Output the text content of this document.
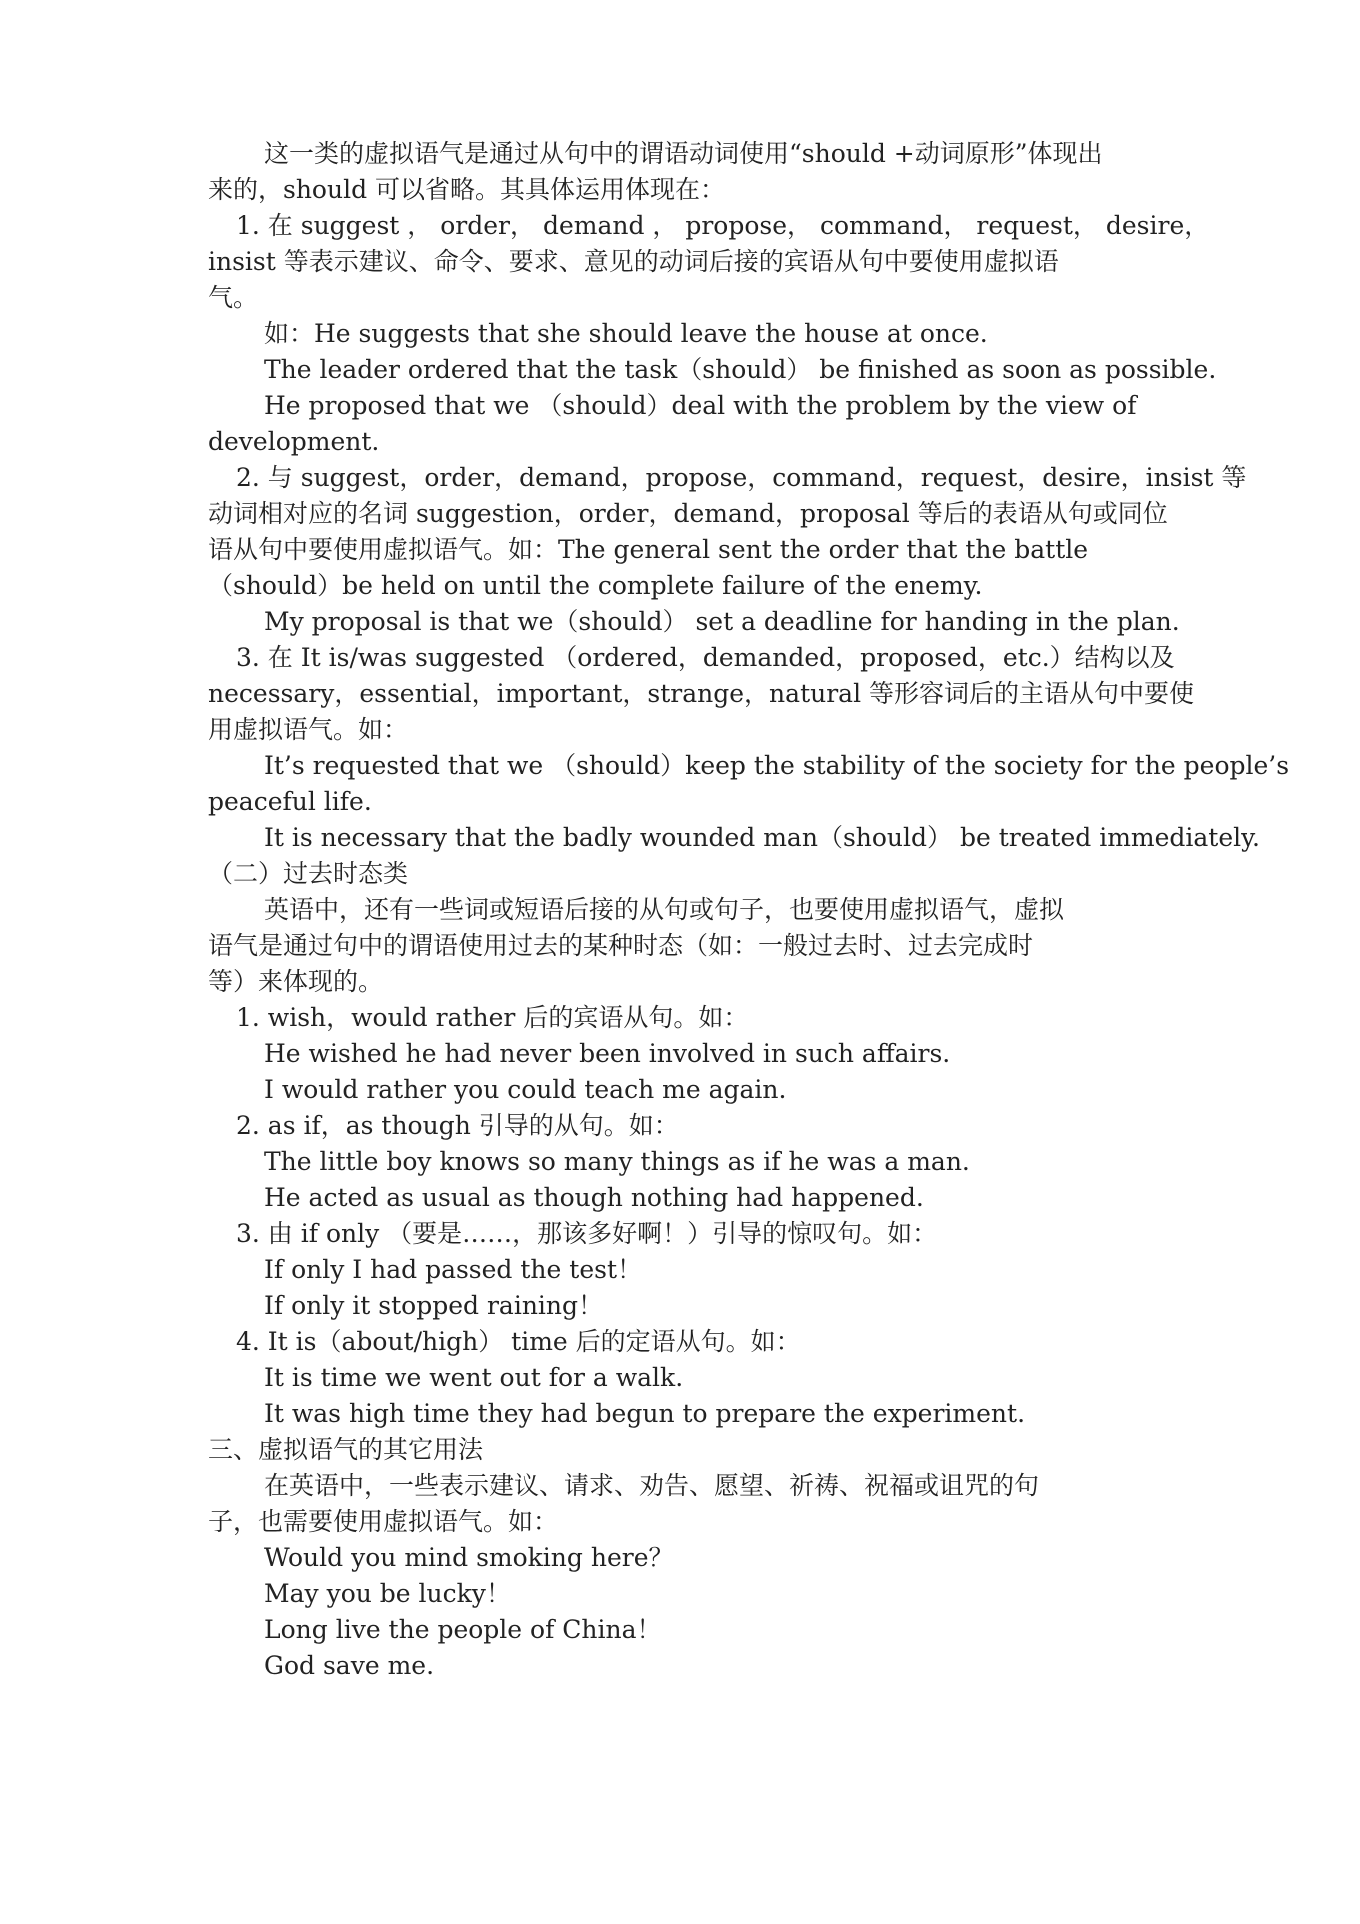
这一类的虚拟语气是通过从句中的谓语动词使用“should +动词原形”体现出
来的，should 可以省略。其具体运用体现在：
1. 在 suggest ， order， demand ， propose， command， request， desire，
insist 等表示建议、命令、要求、意见的动词后接的宾语从句中要使用虚拟语
气。
如：He suggests that she should leave the house at once.
The leader ordered that the task（should） be finished as soon as possible.
He proposed that we （should）deal with the problem by the view of
development.
2. 与 suggest，order，demand，propose，command，request，desire，insist 等
动词相对应的名词 suggestion，order，demand，proposal 等后的表语从句或同位
语从句中要使用虚拟语气。如：The general sent the order that the battle
（should）be held on until the complete failure of the enemy.
My proposal is that we（should） set a deadline for handing in the plan.
3. 在 It is/was suggested （ordered，demanded，proposed，etc.）结构以及
necessary，essential，important，strange，natural 等形容词后的主语从句中要使
用虚拟语气。如：
It’s requested that we （should）keep the stability of the society for the people’s
peaceful life.
It is necessary that the badly wounded man（should） be treated immediately.
（二）过去时态类
英语中，还有一些词或短语后接的从句或句子，也要使用虚拟语气，虚拟
语气是通过句中的谓语使用过去的某种时态（如：一般过去时、过去完成时
等）来体现的。
1. wish，would rather 后的宾语从句。如：
He wished he had never been involved in such affairs.
I would rather you could teach me again.
2. as if，as though 引导的从句。如：
The little boy knows so many things as if he was a man.
He acted as usual as though nothing had happened.
3. 由 if only （要是……，那该多好啊！）引导的惊叹句。如：
If only I had passed the test！
If only it stopped raining！
4. It is（about/high） time 后的定语从句。如：
It is time we went out for a walk.
It was high time they had begun to prepare the experiment.
三、虚拟语气的其它用法
在英语中，一些表示建议、请求、劝告、愿望、祈祷、祝福或诅咒的句
子，也需要使用虚拟语气。如：
Would you mind smoking here？
May you be lucky！
Long live the people of China！
God save me.
